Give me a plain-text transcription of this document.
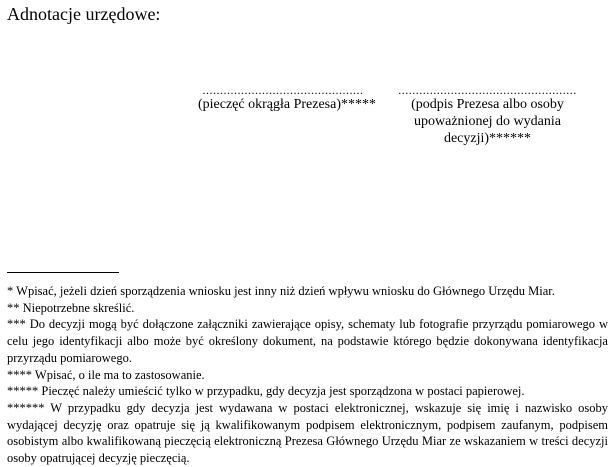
Adnotacje urzędowe:
..............................................
(pieczęć okrągła Prezesa)*****
...................................................
(podpis Prezesa albo osoby upoważnionej do wydania decyzji)******

* Wpisać, jeżeli dzień sporządzenia wniosku jest inny niż dzień wpływu wniosku do Głównego Urzędu Miar.

** Niepotrzebne skreślić.

*** Do decyzji mogą być dołączone załączniki zawierające opisy, schematy lub fotografie przyrządu pomiarowego w celu jego identyfikacji albo może być określony dokument, na podstawie którego będzie dokonywana identyfikacja przyrządu pomiarowego.

**** Wpisać, o ile ma to zastosowanie.

***** Pieczęć należy umieścić tylko w przypadku, gdy decyzja jest sporządzona w postaci papierowej.

****** W przypadku gdy decyzja jest wydawana w postaci elektronicznej, wskazuje się imię i nazwisko osoby wydającej decyzję oraz opatruje się ją kwalifikowanym podpisem elektronicznym, podpisem zaufanym, podpisem osobistym albo kwalifikowaną pieczęcią elektroniczną Prezesa Głównego Urzędu Miar ze wskazaniem w treści decyzji osoby opatrującej decyzję pieczęcią.
